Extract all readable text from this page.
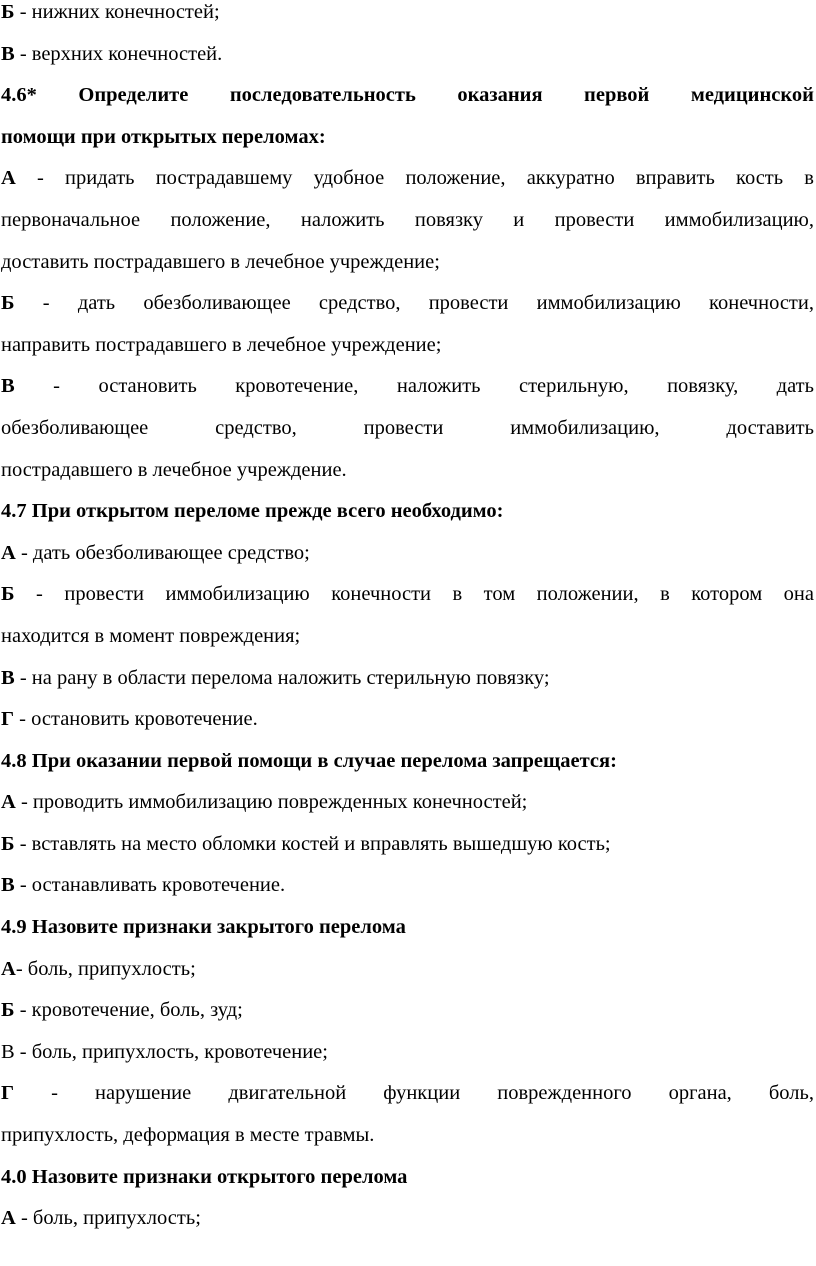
Б - нижних конечностей;
В - верхних конечностей.
4.6* Определите последовательность оказания первой медицинской
помощи при открытых переломах:
А - придать пострадавшему удобное положение, аккуратно вправить кость в
первоначальное положение, наложить повязку и провести иммобилизацию,
доставить пострадавшего в лечебное учреждение;
Б - дать обезболивающее средство, провести иммобилизацию конечности,
направить пострадавшего в лечебное учреждение;
В - остановить кровотечение, наложить стерильную, повязку, дать
обезболивающее средство, провести иммобилизацию, доставить
пострадавшего в лечебное учреждение.
4.7 При открытом переломе прежде всего необходимо:
А - дать обезболивающее средство;
Б - провести иммобилизацию конечности в том положении, в котором она
находится в момент повреждения;
В - на рану в области перелома наложить стерильную повязку;
Г - остановить кровотечение.
4.8 При оказании первой помощи в случае перелома запрещается:
А - проводить иммобилизацию поврежденных конечностей;
Б - вставлять на место обломки костей и вправлять вышедшую кость;
В - останавливать кровотечение.
4.9 Назовите признаки закрытого перелома
А- боль, припухлость;
Б - кровотечение, боль, зуд;
В - боль, припухлость, кровотечение;
Г - нарушение двигательной функции поврежденного органа, боль,
припухлость, деформация в месте травмы.
4.0 Назовите признаки открытого перелома
А - боль, припухлость;
